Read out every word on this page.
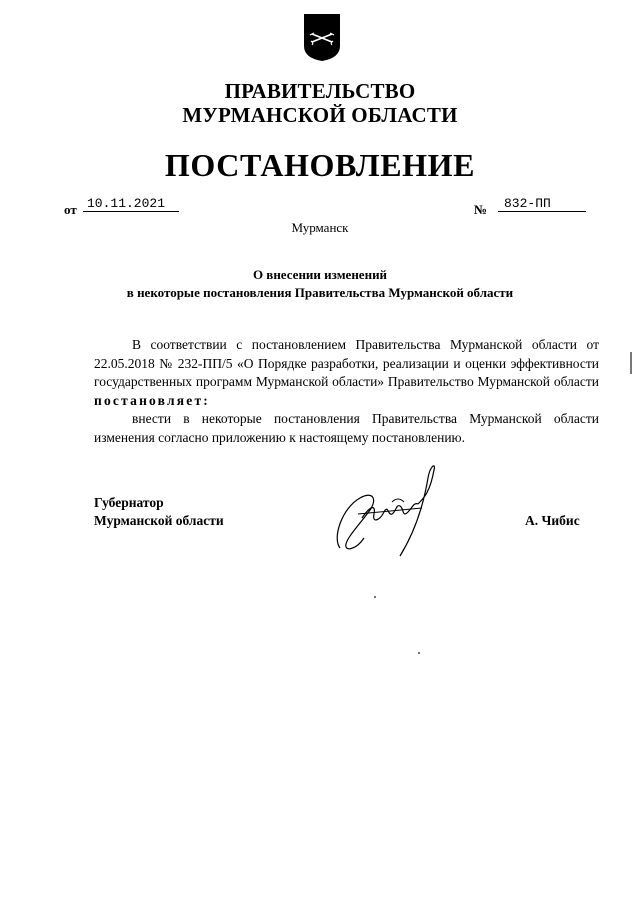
ПРАВИТЕЛЬСТВО
МУРМАНСКОЙ ОБЛАСТИ
ПОСТАНОВЛЕНИЕ
от 10.11.2021	№	832-ПП
Мурманск
О внесении изменений
в некоторые постановления Правительства Мурманской области

В соответствии с постановлением Правительства Мурманской области от 22.05.2018 № 232-ПП/5 «О Порядке разработки, реализации и оценки эффективности государственных программ Мурманской области» Правительство Мурманской области постановляет:

внести в некоторые постановления Правительства Мурманской области изменения согласно приложению к настоящему постановлению.

Губернатор
Мурманской области	А. Чибис
